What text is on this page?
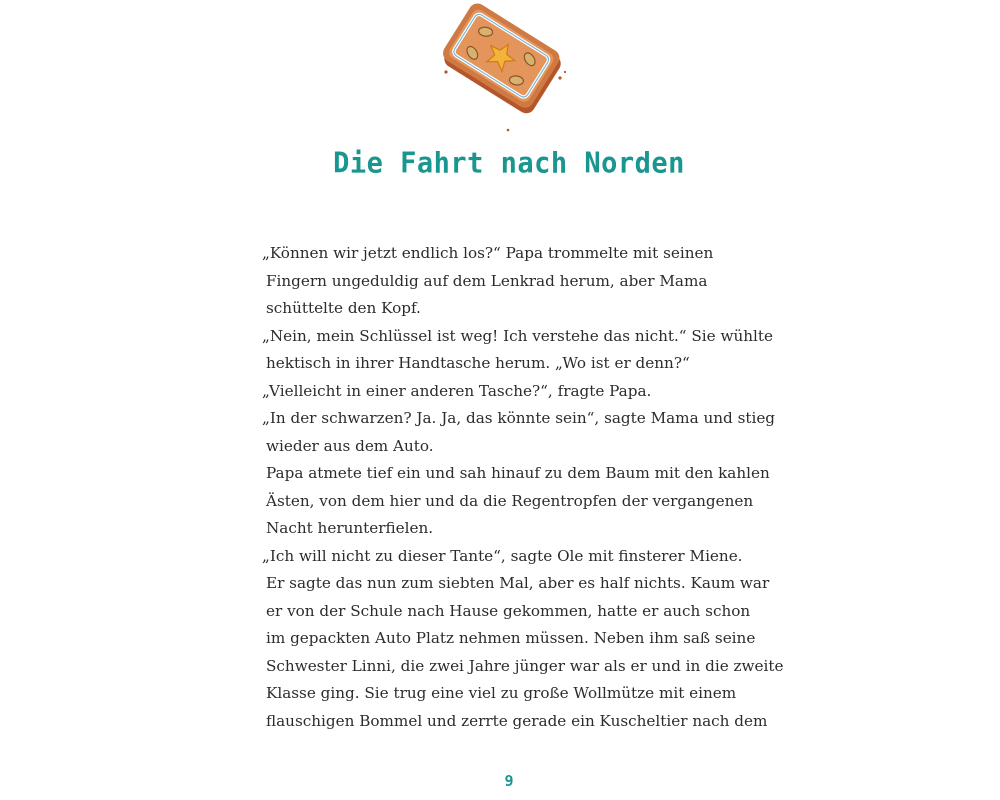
Die Fahrt nach Norden
„Können wir jetzt endlich los?“ Papa trommelte mit seinen
Fingern ungeduldig auf dem Lenkrad herum, aber Mama
schüttelte den Kopf.
„Nein, mein Schlüssel ist weg! Ich verstehe das nicht.“ Sie wühlte
hektisch in ihrer Handtasche herum. „Wo ist er denn?“
„Vielleicht in einer anderen Tasche?“, fragte Papa.
„In der schwarzen? Ja. Ja, das könnte sein“, sagte Mama und stieg
wieder aus dem Auto.
Papa atmete tief ein und sah hinauf zu dem Baum mit den kahlen
Ästen, von dem hier und da die Regentropfen der vergangenen
Nacht herunterfielen.
„Ich will nicht zu dieser Tante“, sagte Ole mit finsterer Miene.
Er sagte das nun zum siebten Mal, aber es half nichts. Kaum war
er von der Schule nach Hause gekommen, hatte er auch schon
im gepackten Auto Platz nehmen müssen. Neben ihm saß seine
Schwester Linni, die zwei Jahre jünger war als er und in die zweite
Klasse ging. Sie trug eine viel zu große Wollmütze mit einem
flauschigen Bommel und zerrte gerade ein Kuscheltier nach dem
9
